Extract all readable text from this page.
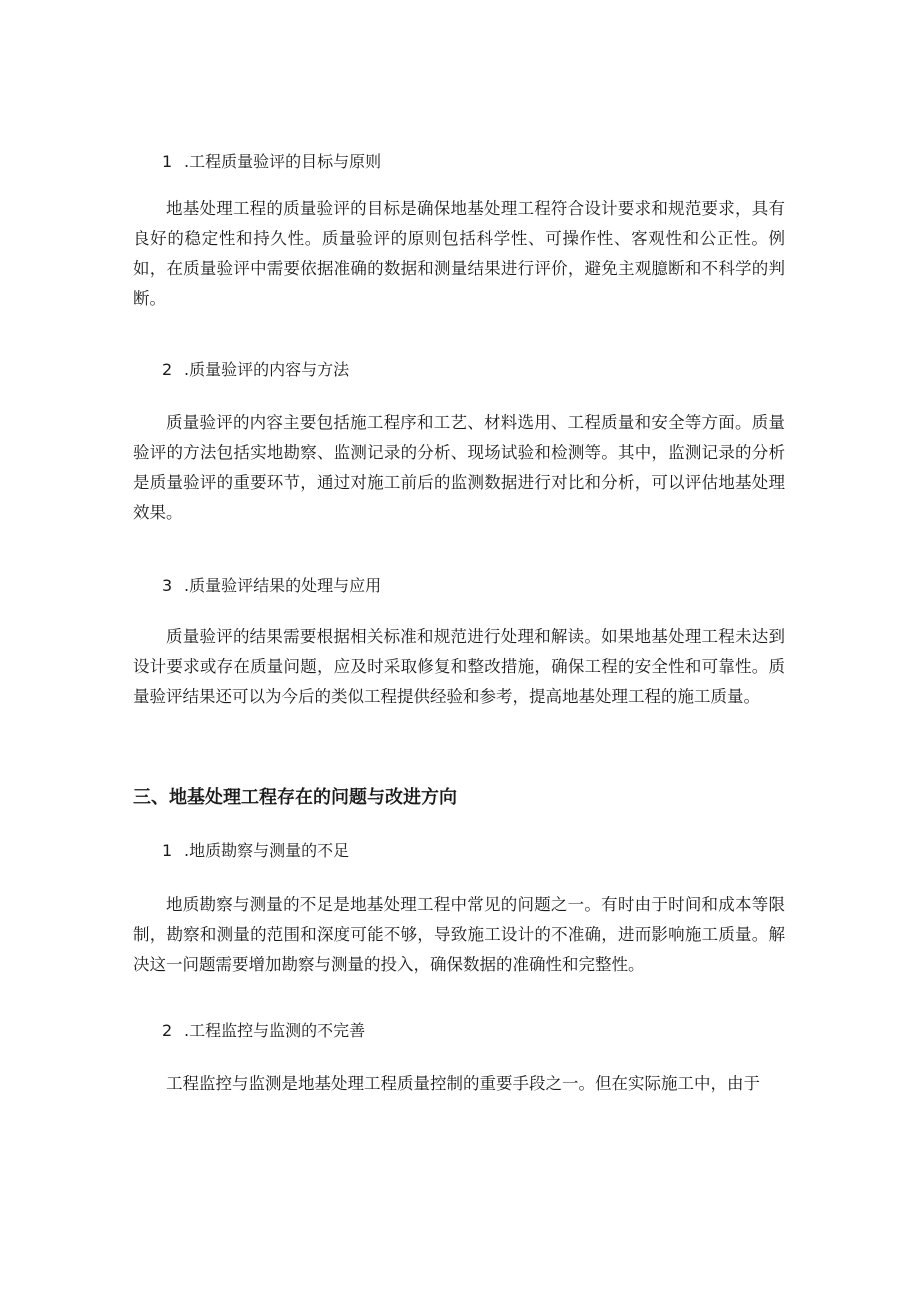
1 .工程质量验评的目标与原则

地基处理工程的质量验评的目标是确保地基处理工程符合设计要求和规范要求，具有良好的稳定性和持久性。质量验评的原则包括科学性、可操作性、客观性和公正性。例如，在质量验评中需要依据准确的数据和测量结果进行评价，避免主观臆断和不科学的判断。

2 .质量验评的内容与方法

质量验评的内容主要包括施工程序和工艺、材料选用、工程质量和安全等方面。质量验评的方法包括实地勘察、监测记录的分析、现场试验和检测等。其中，监测记录的分析是质量验评的重要环节，通过对施工前后的监测数据进行对比和分析，可以评估地基处理效果。

3 .质量验评结果的处理与应用

质量验评的结果需要根据相关标准和规范进行处理和解读。如果地基处理工程未达到设计要求或存在质量问题，应及时采取修复和整改措施，确保工程的安全性和可靠性。质量验评结果还可以为今后的类似工程提供经验和参考，提高地基处理工程的施工质量。

三、地基处理工程存在的问题与改进方向
1 .地质勘察与测量的不足

地质勘察与测量的不足是地基处理工程中常见的问题之一。有时由于时间和成本等限制，勘察和测量的范围和深度可能不够，导致施工设计的不准确，进而影响施工质量。解决这一问题需要增加勘察与测量的投入，确保数据的准确性和完整性。

2 .工程监控与监测的不完善

工程监控与监测是地基处理工程质量控制的重要手段之一。但在实际施工中，由于
